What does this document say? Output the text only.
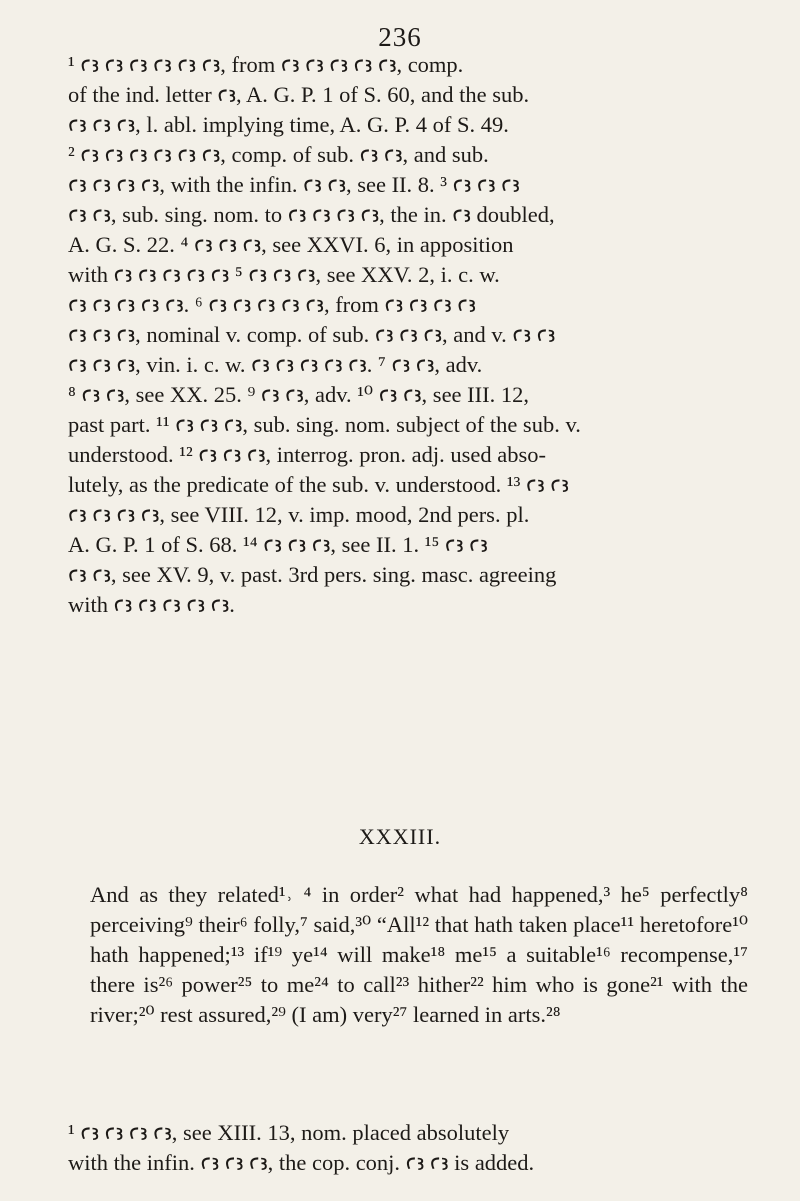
236
¹ ꜥꜣ ꜥꜣ ꜥꜣ ꜥꜣ ꜥꜣ ꜥꜣ, from ꜥꜣ ꜥꜣ ꜥꜣ ꜥꜣ ꜥꜣ, comp.
of the ind. letter ꜥꜣ, A. G. P. 1 of S. 60, and the sub.
ꜥꜣ ꜥꜣ ꜥꜣ, l. abl. implying time, A. G. P. 4 of S. 49.
² ꜥꜣ ꜥꜣ ꜥꜣ ꜥꜣ ꜥꜣ ꜥꜣ, comp. of sub. ꜥꜣ ꜥꜣ, and sub.
ꜥꜣ ꜥꜣ ꜥꜣ ꜥꜣ, with the infin. ꜥꜣ ꜥꜣ, see II. 8. ³ ꜥꜣ ꜥꜣ ꜥꜣ
ꜥꜣ ꜥꜣ, sub. sing. nom. to ꜥꜣ ꜥꜣ ꜥꜣ ꜥꜣ, the in. ꜥꜣ doubled,
A. G. S. 22. ⁴ ꜥꜣ ꜥꜣ ꜥꜣ, see XXVI. 6, in apposition
with ꜥꜣ ꜥꜣ ꜥꜣ ꜥꜣ ꜥꜣ ⁵ ꜥꜣ ꜥꜣ ꜥꜣ, see XXV. 2, i. c. w.
ꜥꜣ ꜥꜣ ꜥꜣ ꜥꜣ ꜥꜣ. ⁶ ꜥꜣ ꜥꜣ ꜥꜣ ꜥꜣ ꜥꜣ, from ꜥꜣ ꜥꜣ ꜥꜣ ꜥꜣ
ꜥꜣ ꜥꜣ ꜥꜣ, nominal v. comp. of sub. ꜥꜣ ꜥꜣ ꜥꜣ, and v. ꜥꜣ ꜥꜣ
ꜥꜣ ꜥꜣ ꜥꜣ, vin. i. c. w. ꜥꜣ ꜥꜣ ꜥꜣ ꜥꜣ ꜥꜣ. ⁷ ꜥꜣ ꜥꜣ, adv.
⁸ ꜥꜣ ꜥꜣ, see XX. 25. ⁹ ꜥꜣ ꜥꜣ, adv. ¹⁰ ꜥꜣ ꜥꜣ, see III. 12,
past part. ¹¹ ꜥꜣ ꜥꜣ ꜥꜣ, sub. sing. nom. subject of the sub. v.
understood. ¹² ꜥꜣ ꜥꜣ ꜥꜣ, interrog. pron. adj. used abso-
lutely, as the predicate of the sub. v. understood. ¹³ ꜥꜣ ꜥꜣ
ꜥꜣ ꜥꜣ ꜥꜣ ꜥꜣ, see VIII. 12, v. imp. mood, 2nd pers. pl.
A. G. P. 1 of S. 68. ¹⁴ ꜥꜣ ꜥꜣ ꜥꜣ, see II. 1. ¹⁵ ꜥꜣ ꜥꜣ
ꜥꜣ ꜥꜣ, see XV. 9, v. past. 3rd pers. sing. masc. agreeing
with ꜥꜣ ꜥꜣ ꜥꜣ ꜥꜣ ꜥꜣ.
XXXIII.

And as they related¹˒ ⁴ in order² what had happened,³ he⁵ perfectly⁸ perceiving⁹ their⁶ folly,⁷ said,³⁰ “All¹² that hath taken place¹¹ heretofore¹⁰ hath happened;¹³ if¹⁹ ye¹⁴ will make¹⁸ me¹⁵ a suitable¹⁶ recompense,¹⁷ there is²⁶ power²⁵ to me²⁴ to call²³ hither²² him who is gone²¹ with the river;²⁰ rest assured,²⁹ (I am) very²⁷ learned in arts.²⁸

¹ ꜥꜣ ꜥꜣ ꜥꜣ ꜥꜣ, see XIII. 13, nom. placed absolutely
with the infin. ꜥꜣ ꜥꜣ ꜥꜣ, the cop. conj. ꜥꜣ ꜥꜣ is added.
